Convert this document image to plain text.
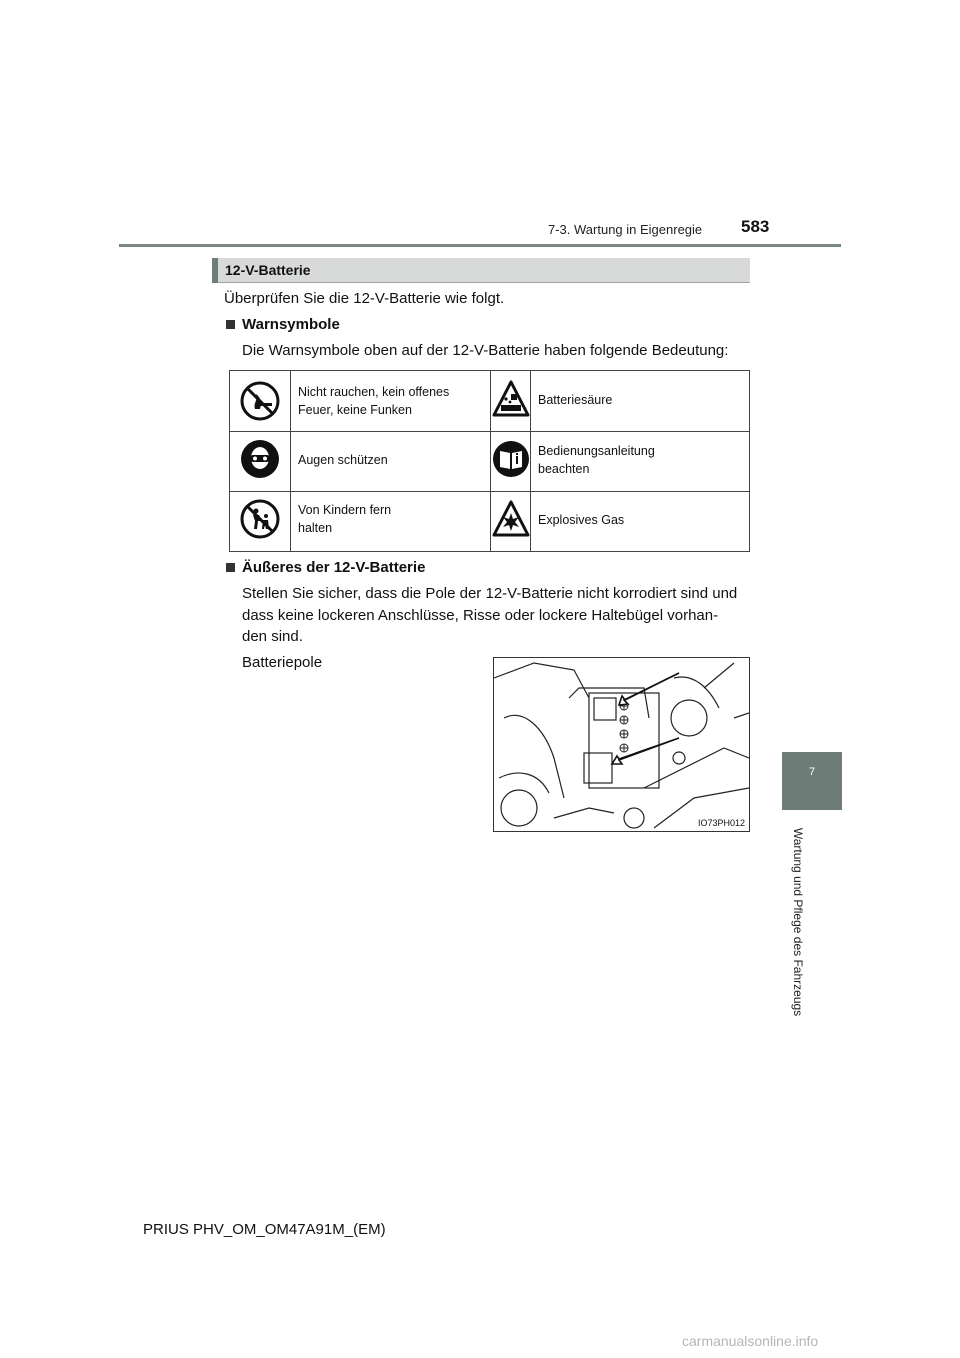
7-3. Wartung in Eigenregie 583
7
Wartung und Pflege des Fahrzeugs
12-V-Batterie
Überprüfen Sie die 12-V-Batterie wie folgt.
Warnsymbole
Die Warnsymbole oben auf der 12-V-Batterie haben folgende Bedeutung:
Nicht rauchen, kein offenes
Feuer, keine Funken
Batteriesäure
Augen schützen
Bedienungsanleitung
beachten
Von Kindern fern
halten
Explosives Gas
Äußeres der 12-V-Batterie
Stellen Sie sicher, dass die Pole der 12-V-Batterie nicht korrodiert sind und
dass keine lockeren Anschlüsse, Risse oder lockere Haltebügel vorhan-
den sind.
Batteriepole
IO73PH012
PRIUS PHV_OM_OM47A91M_(EM)
carmanualsonline.info
